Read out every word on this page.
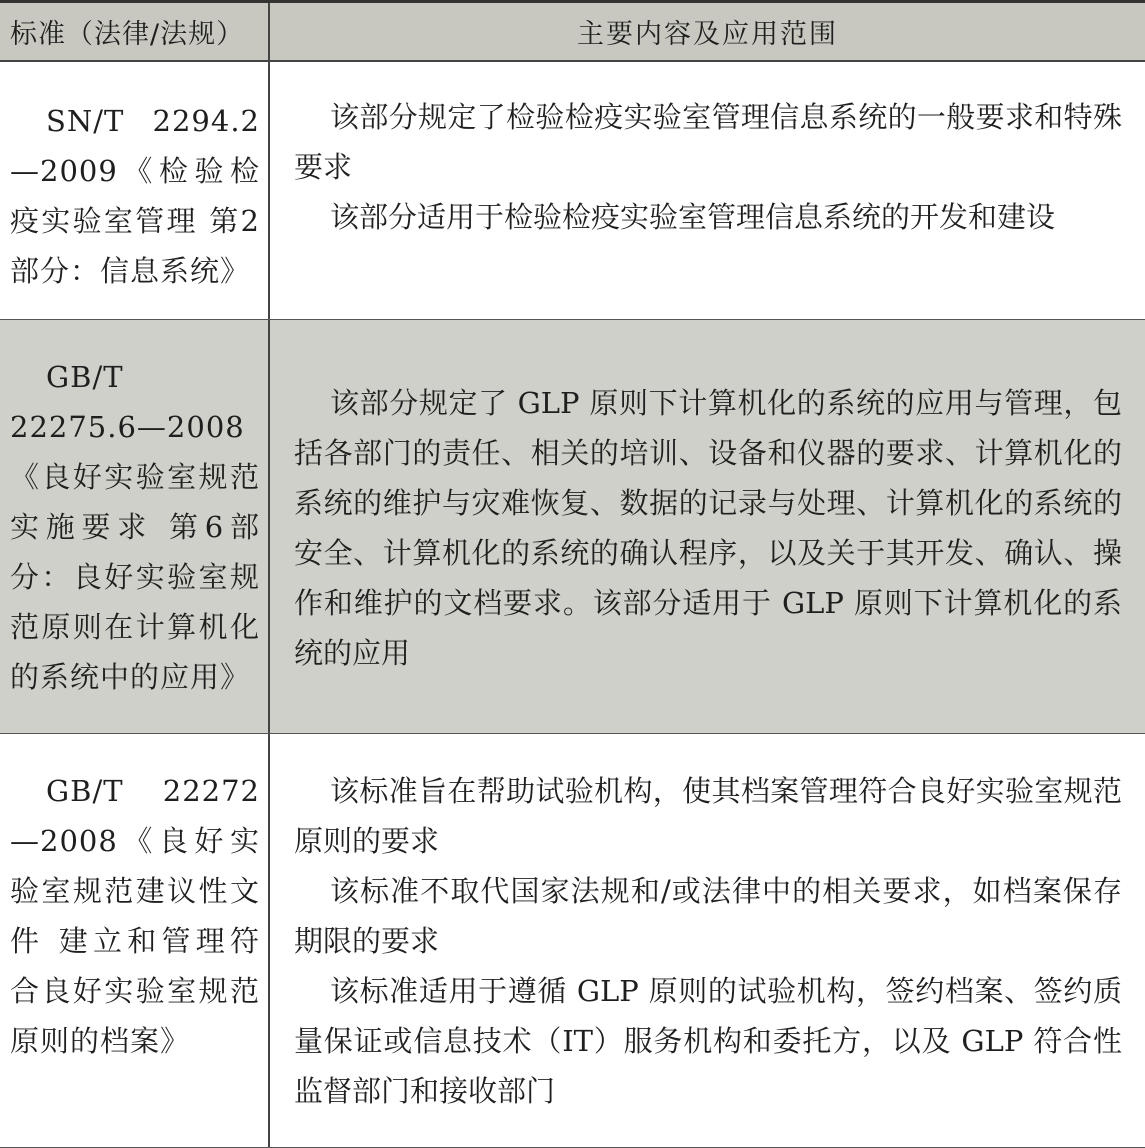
标准（法律/法规）	主要内容及应用范围
SN/T 2294.2—2009《检验检疫实验室管理 第2部分：信息系统》

该部分规定了检验检疫实验室管理信息系统的一般要求和特殊要求

该部分适用于检验检疫实验室管理信息系统的开发和建设

GB/T 22275.6—2008《良好实验室规范实施要求 第6部分：良好实验室规范原则在计算机化的系统中的应用》

该部分规定了 GLP 原则下计算机化的系统的应用与管理，包括各部门的责任、相关的培训、设备和仪器的要求、计算机化的系统的维护与灾难恢复、数据的记录与处理、计算机化的系统的安全、计算机化的系统的确认程序，以及关于其开发、确认、操作和维护的文档要求。该部分适用于 GLP 原则下计算机化的系统的应用

GB/T 22272—2008《良好实验室规范建议性文件 建立和管理符合良好实验室规范原则的档案》

该标准旨在帮助试验机构，使其档案管理符合良好实验室规范原则的要求

该标准不取代国家法规和/或法律中的相关要求，如档案保存期限的要求

该标准适用于遵循 GLP 原则的试验机构，签约档案、签约质量保证或信息技术（IT）服务机构和委托方，以及 GLP 符合性监督部门和接收部门
